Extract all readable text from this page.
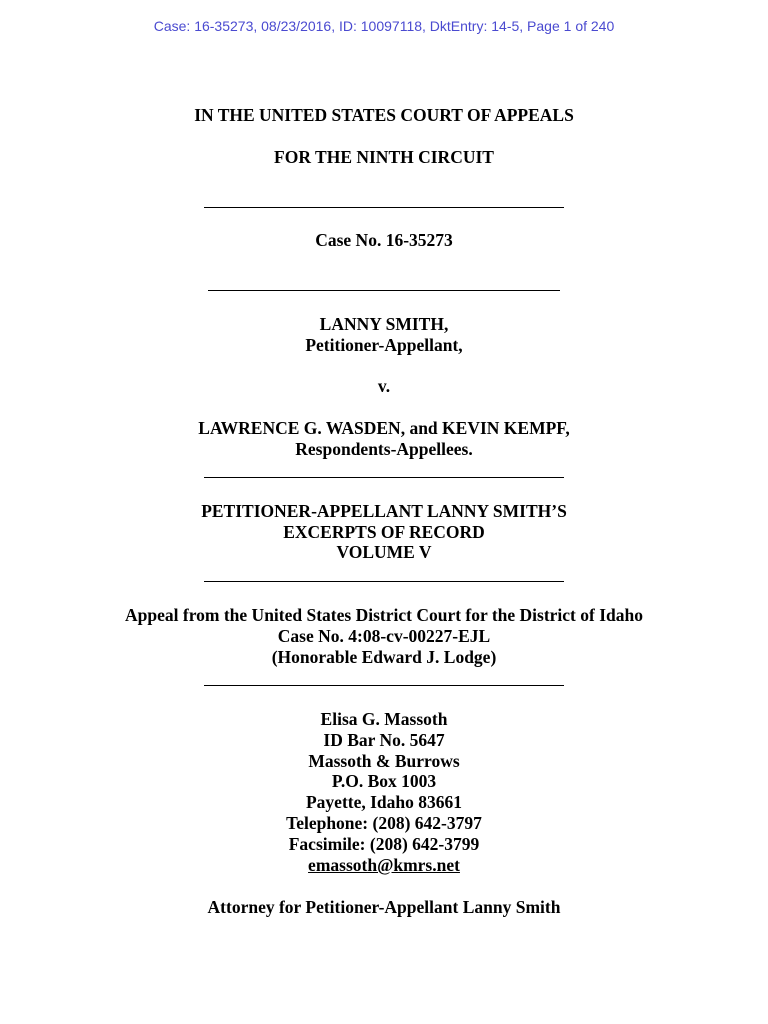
Case: 16-35273, 08/23/2016, ID: 10097118, DktEntry: 14-5, Page 1 of 240
IN THE UNITED STATES COURT OF APPEALS
FOR THE NINTH CIRCUIT
Case No. 16-35273
LANNY SMITH,
Petitioner-Appellant,
v.
LAWRENCE G. WASDEN, and KEVIN KEMPF,
Respondents-Appellees.
PETITIONER-APPELLANT LANNY SMITH’S
EXCERPTS OF RECORD
VOLUME V
Appeal from the United States District Court for the District of Idaho
Case No. 4:08-cv-00227-EJL
(Honorable Edward J. Lodge)
Elisa G. Massoth
ID Bar No. 5647
Massoth & Burrows
P.O. Box 1003
Payette, Idaho 83661
Telephone: (208) 642-3797
Facsimile: (208) 642-3799
emassoth@kmrs.net
Attorney for Petitioner-Appellant Lanny Smith
